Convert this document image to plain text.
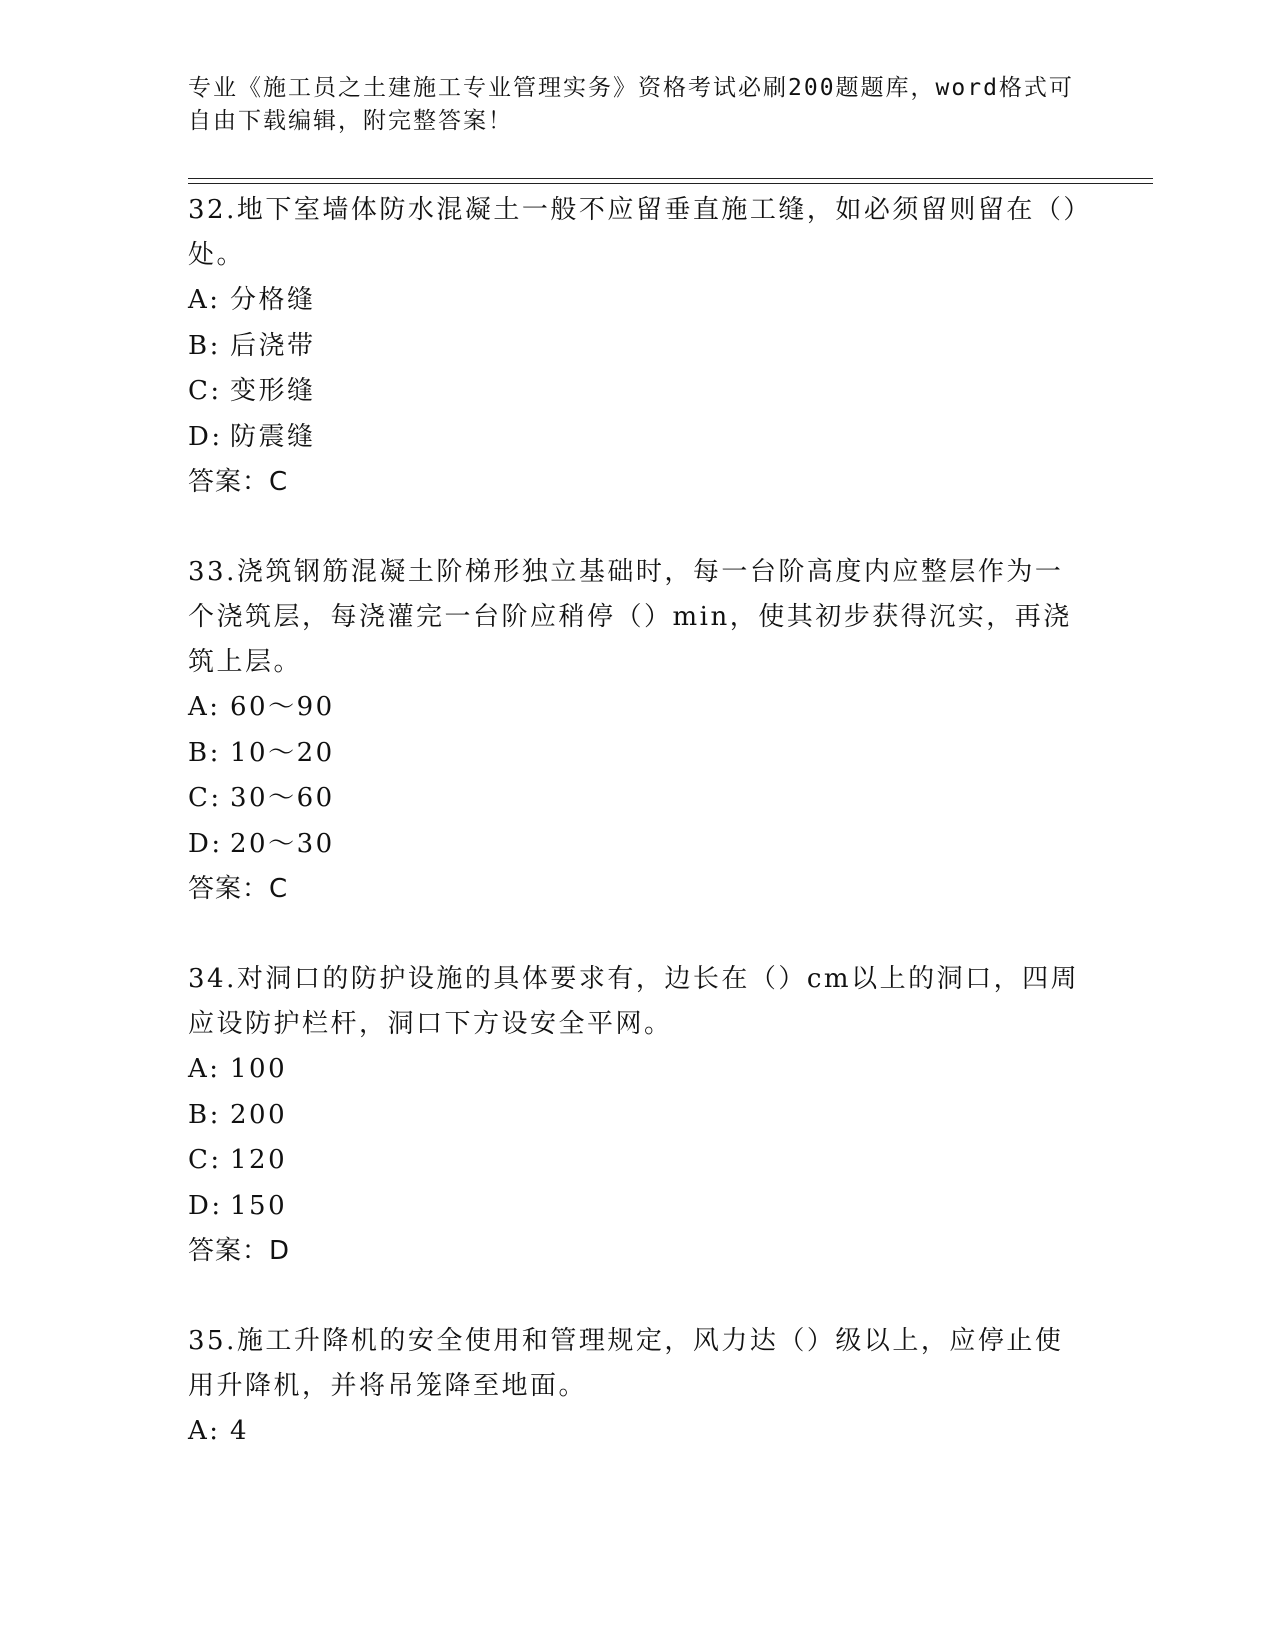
专业《施工员之土建施工专业管理实务》资格考试必刷200题题库，word格式可
自由下载编辑，附完整答案！

32.地下室墙体防水混凝土一般不应留垂直施工缝，如必须留则留在（）处。

A: 分格缝
B: 后浇带
C: 变形缝
D: 防震缝
答案：C

33.浇筑钢筋混凝土阶梯形独立基础时，每一台阶高度内应整层作为一个浇筑层，每浇灌完一台阶应稍停（）min，使其初步获得沉实，再浇筑上层。

A: 60～90
B: 10～20
C: 30～60
D: 20～30
答案：C

34.对洞口的防护设施的具体要求有，边长在（）cm以上的洞口，四周应设防护栏杆，洞口下方设安全平网。

A: 100
B: 200
C: 120
D: 150
答案：D

35.施工升降机的安全使用和管理规定，风力达（）级以上，应停止使用升降机，并将吊笼降至地面。

A: 4
